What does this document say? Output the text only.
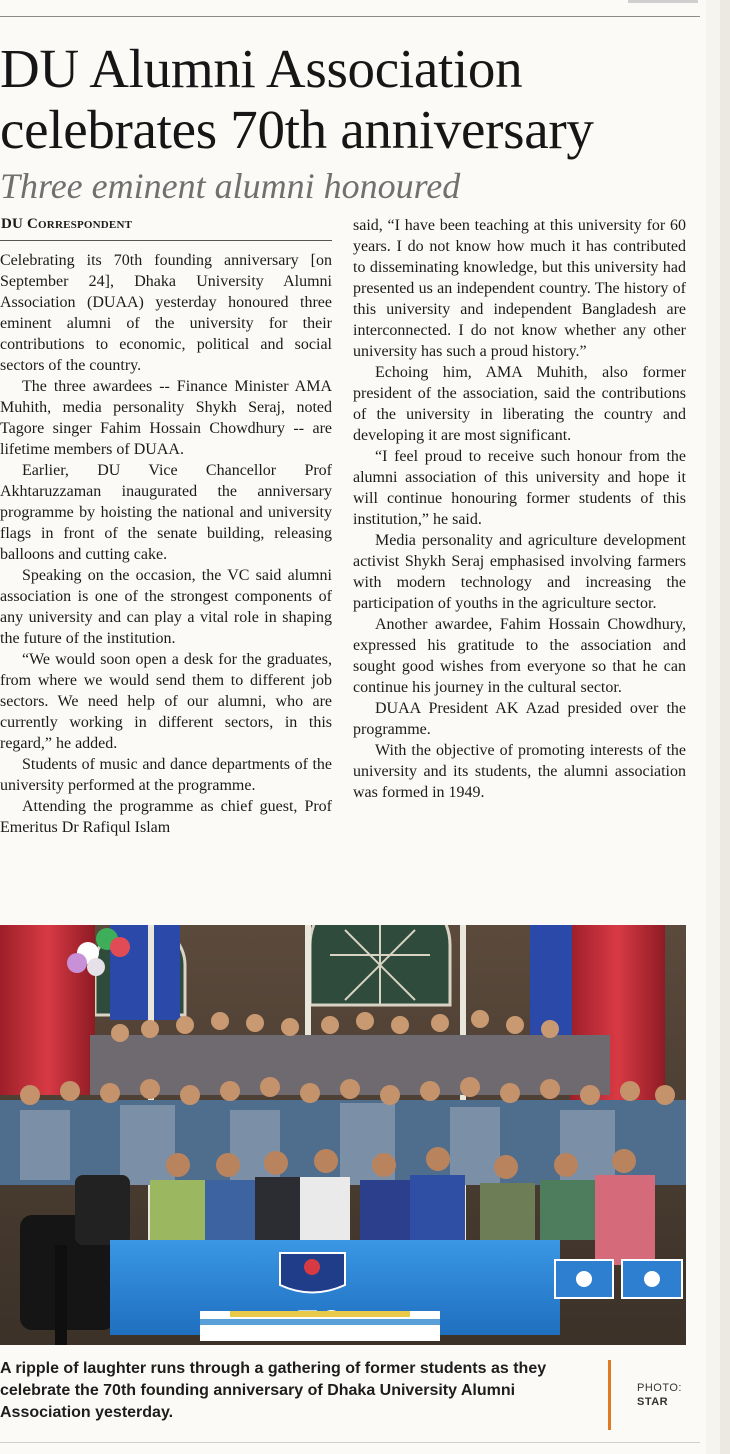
DU Alumni Association celebrates 70th anniversary
Three eminent alumni honoured
DU Correspondent

Celebrating its 70th founding anniversary [on September 24], Dhaka University Alumni Association (DUAA) yesterday honoured three eminent alumni of the university for their contributions to economic, political and social sectors of the country.

The three awardees -- Finance Minister AMA Muhith, media personality Shykh Seraj, noted Tagore singer Fahim Hossain Chowdhury -- are lifetime members of DUAA.

Earlier, DU Vice Chancellor Prof Akhtaruzzaman inaugurated the anniversary programme by hoisting the national and university flags in front of the senate building, releasing balloons and cutting cake.

Speaking on the occasion, the VC said alumni association is one of the strongest components of any university and can play a vital role in shaping the future of the institution.

“We would soon open a desk for the graduates, from where we would send them to different job sectors. We need help of our alumni, who are currently working in different sectors, in this regard,” he added.

Students of music and dance departments of the university performed at the programme.

Attending the programme as chief guest, Prof Emeritus Dr Rafiqul Islam

said, “I have been teaching at this university for 60 years. I do not know how much it has contributed to disseminating knowledge, but this university had presented us an independent country. The history of this university and independent Bangladesh are interconnected. I do not know whether any other university has such a proud history.”

Echoing him, AMA Muhith, also former president of the association, said the contributions of the university in liberating the country and developing it are most significant.

“I feel proud to receive such honour from the alumni association of this university and hope it will continue honouring former students of this institution,” he said.

Media personality and agriculture development activist Shykh Seraj emphasised involving farmers with modern technology and increasing the participation of youths in the agriculture sector.

Another awardee, Fahim Hossain Chowdhury, expressed his gratitude to the association and sought good wishes from everyone so that he can continue his journey in the cultural sector.

DUAA President AK Azad presided over the programme.

With the objective of promoting interests of the university and its students, the alumni association was formed in 1949.

A ripple of laughter runs through a gathering of former students as they celebrate the 70th founding anniversary of Dhaka University Alumni Association yesterday.
PHOTO:
STAR
